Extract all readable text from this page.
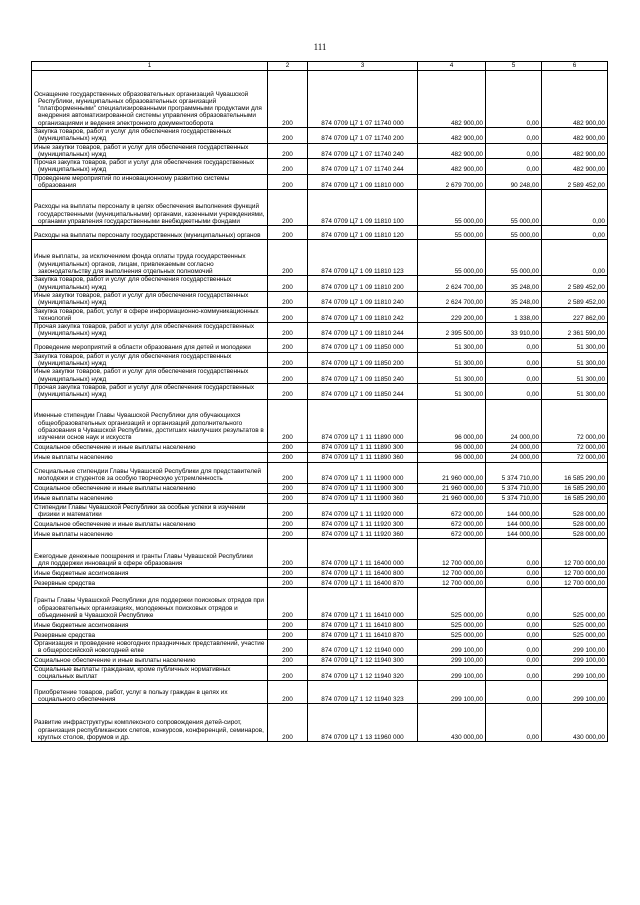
111
1	2	3	4	5	6

Оснащение государственных образовательных организаций Чувашской Республики, муниципальных образовательных организаций "платформенными" специализированными программными продуктами для внедрения автоматизированной системы управления образовательными организациями и ведения электронного документооборота	200	874 0709 Ц7 1 07 11740 000	482 900,00	0,00	482 900,00

Закупка товаров, работ и услуг для обеспечения государственных (муниципальных) нужд	200	874 0709 Ц7 1 07 11740 200	482 900,00	0,00	482 900,00

Иные закупки товаров, работ и услуг для обеспечения государственных (муниципальных) нужд	200	874 0709 Ц7 1 07 11740 240	482 900,00	0,00	482 900,00

Прочая закупка товаров, работ и услуг для обеспечения государственных (муниципальных) нужд	200	874 0709 Ц7 1 07 11740 244	482 900,00	0,00	482 900,00

Проведение мероприятий по инновационному развитию системы образования	200	874 0709 Ц7 1 09 11810 000	2 679 700,00	90 248,00	2 589 452,00

Расходы на выплаты персоналу в целях обеспечения выполнения функций государственными (муниципальными) органами, казенными учреждениями, органами управления государственными внебюджетными фондами	200	874 0709 Ц7 1 09 11810 100	55 000,00	55 000,00	0,00

Расходы на выплаты персоналу государственных (муниципальных) органов	200	874 0709 Ц7 1 09 11810 120	55 000,00	55 000,00	0,00

Иные выплаты, за исключением фонда оплаты труда государственных (муниципальных) органов, лицам, привлекаемым согласно законодательству для выполнения отдельных полномочий	200	874 0709 Ц7 1 09 11810 123	55 000,00	55 000,00	0,00

Закупка товаров, работ и услуг для обеспечения государственных (муниципальных) нужд	200	874 0709 Ц7 1 09 11810 200	2 624 700,00	35 248,00	2 589 452,00

Иные закупки товаров, работ и услуг для обеспечения государственных (муниципальных) нужд	200	874 0709 Ц7 1 09 11810 240	2 624 700,00	35 248,00	2 589 452,00

Закупка товаров, работ, услуг в сфере информационно-коммуникационных технологий	200	874 0709 Ц7 1 09 11810 242	229 200,00	1 338,00	227 862,00

Прочая закупка товаров, работ и услуг для обеспечения государственных (муниципальных) нужд	200	874 0709 Ц7 1 09 11810 244	2 395 500,00	33 910,00	2 361 590,00

Проведение мероприятий в области образования для детей и молодежи	200	874 0709 Ц7 1 09 11850 000	51 300,00	0,00	51 300,00

Закупка товаров, работ и услуг для обеспечения государственных (муниципальных) нужд	200	874 0709 Ц7 1 09 11850 200	51 300,00	0,00	51 300,00

Иные закупки товаров, работ и услуг для обеспечения государственных (муниципальных) нужд	200	874 0709 Ц7 1 09 11850 240	51 300,00	0,00	51 300,00

Прочая закупка товаров, работ и услуг для обеспечения государственных (муниципальных) нужд	200	874 0709 Ц7 1 09 11850 244	51 300,00	0,00	51 300,00

Именные стипендии Главы Чувашской Республики для обучающихся общеобразовательных организаций и организаций дополнительного образования в Чувашской Республике, достигших наилучших результатов в изучении основ наук и искусств	200	874 0709 Ц7 1 11 11890 000	96 000,00	24 000,00	72 000,00

Социальное обеспечение и иные выплаты населению	200	874 0709 Ц7 1 11 11890 300	96 000,00	24 000,00	72 000,00

Иные выплаты населению	200	874 0709 Ц7 1 11 11890 360	96 000,00	24 000,00	72 000,00

Специальные стипендии Главы Чувашской Республики для представителей молодежи и студентов за особую творческую устремленность	200	874 0709 Ц7 1 11 11900 000	21 960 000,00	5 374 710,00	16 585 290,00

Социальное обеспечение и иные выплаты населению	200	874 0709 Ц7 1 11 11900 300	21 960 000,00	5 374 710,00	16 585 290,00

Иные выплаты населению	200	874 0709 Ц7 1 11 11900 360	21 960 000,00	5 374 710,00	16 585 290,00

Стипендии Главы Чувашской Республики за особые успехи в изучении физики и математики	200	874 0709 Ц7 1 11 11920 000	672 000,00	144 000,00	528 000,00

Социальное обеспечение и иные выплаты населению	200	874 0709 Ц7 1 11 11920 300	672 000,00	144 000,00	528 000,00

Иные выплаты населению	200	874 0709 Ц7 1 11 11920 360	672 000,00	144 000,00	528 000,00

Ежегодные денежные поощрения и гранты Главы Чувашской Республики для поддержки инноваций в сфере образования	200	874 0709 Ц7 1 11 16400 000	12 700 000,00	0,00	12 700 000,00

Иные бюджетные ассигнования	200	874 0709 Ц7 1 11 16400 800	12 700 000,00	0,00	12 700 000,00

Резервные средства	200	874 0709 Ц7 1 11 16400 870	12 700 000,00	0,00	12 700 000,00

Гранты Главы Чувашской Республики для поддержки поисковых отрядов при образовательных организациях, молодежных поисковых отрядов и объединений в Чувашской Республике	200	874 0709 Ц7 1 11 16410 000	525 000,00	0,00	525 000,00

Иные бюджетные ассигнования	200	874 0709 Ц7 1 11 16410 800	525 000,00	0,00	525 000,00

Резервные средства	200	874 0709 Ц7 1 11 16410 870	525 000,00	0,00	525 000,00

Организация и проведение новогодних праздничных представлений, участие в общероссийской новогодней елке	200	874 0709 Ц7 1 12 11940 000	299 100,00	0,00	299 100,00

Социальное обеспечение и иные выплаты населению	200	874 0709 Ц7 1 12 11940 300	299 100,00	0,00	299 100,00

Социальные выплаты гражданам, кроме публичных нормативных социальных выплат	200	874 0709 Ц7 1 12 11940 320	299 100,00	0,00	299 100,00

Приобретение товаров, работ, услуг в пользу граждан в целях их социального обеспечения	200	874 0709 Ц7 1 12 11940 323	299 100,00	0,00	299 100,00

Развитие инфраструктуры комплексного сопровождения детей-сирот, организация республиканских слетов, конкурсов, конференций, семинаров, круглых столов, форумов и др.	200	874 0709 Ц7 1 13 11960 000	430 000,00	0,00	430 000,00
